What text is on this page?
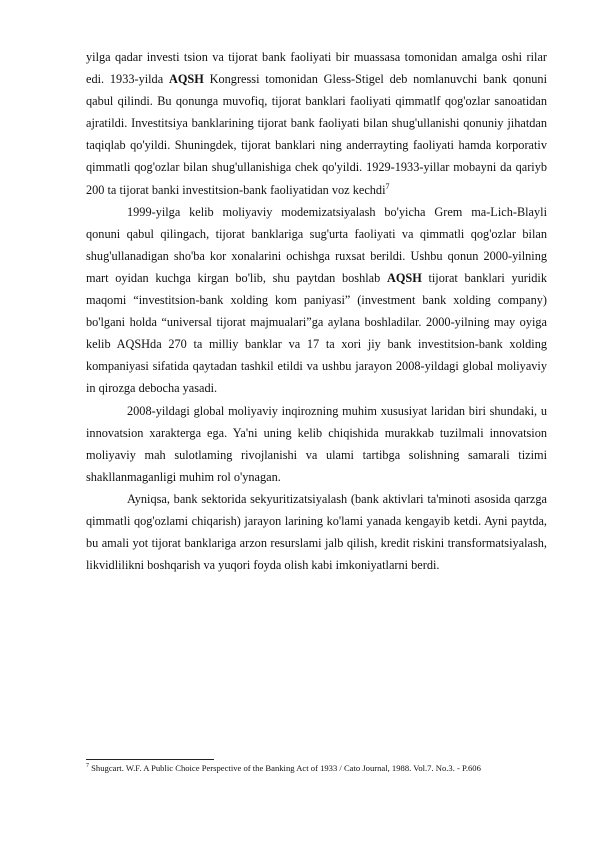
yilga qadar investi tsion va tijorat bank faoliyati bir muassasa tomonidan amalga oshi rilar edi. 1933-yilda AQSH Kongressi tomonidan Gless-Stigel deb nomlanuvchi bank qonuni qabul qilindi. Bu qonunga muvofiq, tijorat banklari faoliyati qimmatlf qog'ozlar sanoatidan ajratildi. Investitsiya banklarining tijorat bank faoliyati bilan shug'ullanishi qonuniy jihatdan taqiqlab qo'yildi. Shuningdek, tijorat banklari ning anderrayting faoliyati hamda korporativ qimmatli qog'ozlar bilan shug'ullanishiga chek qo'yildi. 1929-1933-yillar mobayni da qariyb 200 ta tijorat banki investitsion-bank faoliyatidan voz kechdi$^7$

1999-yilga kelib moliyaviy modemizatsiyalash bo'yicha Grem ma-Lich-Blayli qonuni qabul qilingach, tijorat banklariga sug'urta faoliyati va qimmatli qog'ozlar bilan shug'ullanadigan sho'ba kor xonalarini ochishga ruxsat berildi. Ushbu qonun 2000-yilning mart oyidan kuchga kirgan bo'lib, shu paytdan boshlab AQSH tijorat banklari yuridik maqomi “investitsion-bank xolding kom paniyasi” (investment bank xolding company) bo'lgani holda “universal tijorat majmualari”ga aylana boshladilar. 2000-yilning may oyiga kelib AQSHda 270 ta milliy banklar va 17 ta xori jiy bank investitsion-bank xolding kompaniyasi sifatida qaytadan tashkil etildi va ushbu jarayon 2008-yildagi global moliyaviy in qirozga debocha yasadi.

2008-yildagi global moliyaviy inqirozning muhim xususiyat laridan biri shundaki, u innovatsion xarakterga ega. Ya'ni uning kelib chiqishida murakkab tuzilmali innovatsion moliyaviy mah sulotlaming rivojlanishi va ulami tartibga solishning samarali tizimi shakllanmaganligi muhim rol o'ynagan.

Ayniqsa, bank sektorida sekyuritizatsiyalash (bank aktivlari ta'minoti asosida qarzga qimmatli qog'ozlami chiqarish) jarayon larining ko'lami yanada kengayib ketdi. Ayni paytda, bu amali yot tijorat banklariga arzon resurslami jalb qilish, kredit riskini transformatsiyalash, likvidlilikni boshqarish va yuqori foyda olish kabi imkoniyatlarni berdi.

$^7$ Shugcart. W.F. A Public Choice Perspective of the Banking Act of 1933 / Cato Journal, 1988. Vol.7. No.3. - P.606
